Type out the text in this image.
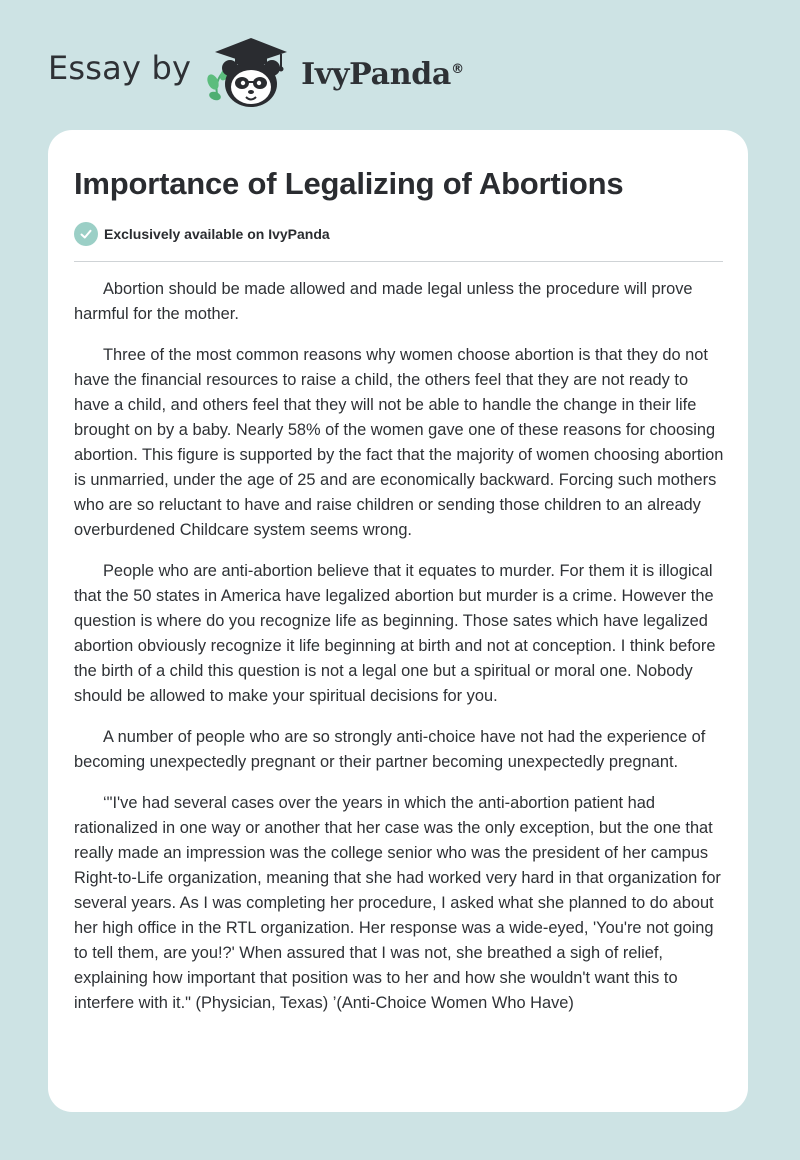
Essay by	IvyPanda®
Importance of Legalizing of Abortions
Exclusively available on IvyPanda

Abortion should be made allowed and made legal unless the procedure will prove harmful for the mother.

Three of the most common reasons why women choose abortion is that they do not have the financial resources to raise a child, the others feel that they are not ready to have a child, and others feel that they will not be able to handle the change in their life brought on by a baby. Nearly 58% of the women gave one of these reasons for choosing abortion. This figure is supported by the fact that the majority of women choosing abortion is unmarried, under the age of 25 and are economically backward. Forcing such mothers who are so reluctant to have and raise children or sending those children to an already overburdened Childcare system seems wrong.

People who are anti-abortion believe that it equates to murder. For them it is illogical that the 50 states in America have legalized abortion but murder is a crime. However the question is where do you recognize life as beginning. Those sates which have legalized abortion obviously recognize it life beginning at birth and not at conception. I think before the birth of a child this question is not a legal one but a spiritual or moral one. Nobody should be allowed to make your spiritual decisions for you.

A number of people who are so strongly anti-choice have not had the experience of becoming unexpectedly pregnant or their partner becoming unexpectedly pregnant.

‘"I've had several cases over the years in which the anti-abortion patient had rationalized in one way or another that her case was the only exception, but the one that really made an impression was the college senior who was the president of her campus Right-to-Life organization, meaning that she had worked very hard in that organization for several years. As I was completing her procedure, I asked what she planned to do about her high office in the RTL organization. Her response was a wide-eyed, 'You're not going to tell them, are you!?' When assured that I was not, she breathed a sigh of relief, explaining how important that position was to her and how she wouldn't want this to interfere with it." (Physician, Texas) ’(Anti-Choice Women Who Have)
